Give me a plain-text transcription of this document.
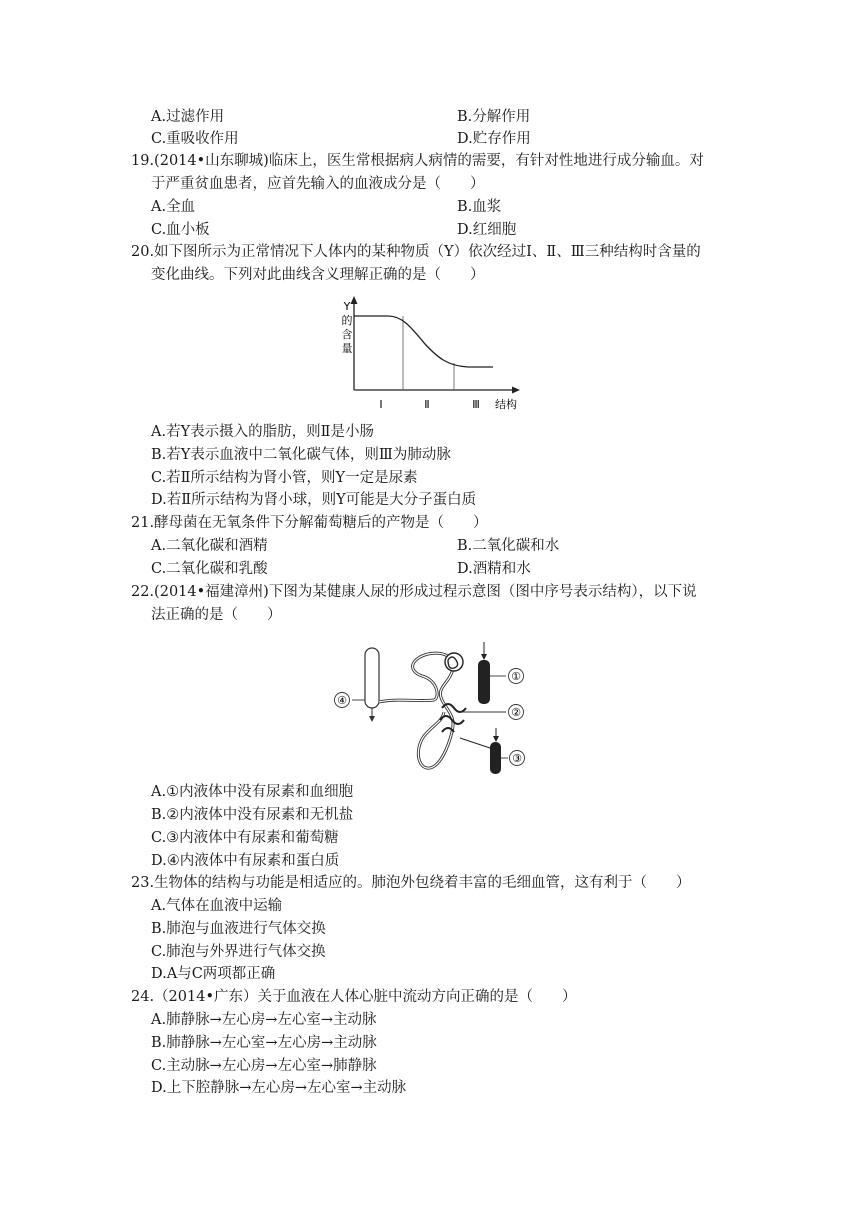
A.过滤作用	B.分解作用
C.重吸收作用	D.贮存作用
19.(2014•山东聊城)临床上，医生常根据病人病情的需要，有针对性地进行成分输血。对
于严重贫血患者，应首先输入的血液成分是（　　）
A.全血	B.血浆
C.血小板	D.红细胞
20.如下图所示为正常情况下人体内的某种物质（Y）依次经过Ⅰ、Ⅱ、Ⅲ三种结构时含量的
变化曲线。下列对此曲线含义理解正确的是（　　）
Y
的
含
量
Ⅰ	Ⅱ	Ⅲ 结构
A.若Y表示摄入的脂肪，则Ⅱ是小肠
B.若Y表示血液中二氧化碳气体，则Ⅲ为肺动脉
C.若Ⅱ所示结构为肾小管，则Y一定是尿素
D.若Ⅱ所示结构为肾小球，则Y可能是大分子蛋白质
21.酵母菌在无氧条件下分解葡萄糖后的产物是（　　）
A.二氧化碳和酒精	B.二氧化碳和水
C.二氧化碳和乳酸	D.酒精和水
22.(2014•福建漳州)下图为某健康人尿的形成过程示意图（图中序号表示结构），以下说
法正确的是（　　）
④
①
②
③
A.①内液体中没有尿素和血细胞
B.②内液体中没有尿素和无机盐
C.③内液体中有尿素和葡萄糖
D.④内液体中有尿素和蛋白质
23.生物体的结构与功能是相适应的。肺泡外包绕着丰富的毛细血管，这有利于（　　）
A.气体在血液中运输
B.肺泡与血液进行气体交换
C.肺泡与外界进行气体交换
D.A与C两项都正确
24.（2014•广东）关于血液在人体心脏中流动方向正确的是（　　）
A.肺静脉→左心房→左心室→主动脉
B.肺静脉→左心室→左心房→主动脉
C.主动脉→左心房→左心室→肺静脉
D.上下腔静脉→左心房→左心室→主动脉
